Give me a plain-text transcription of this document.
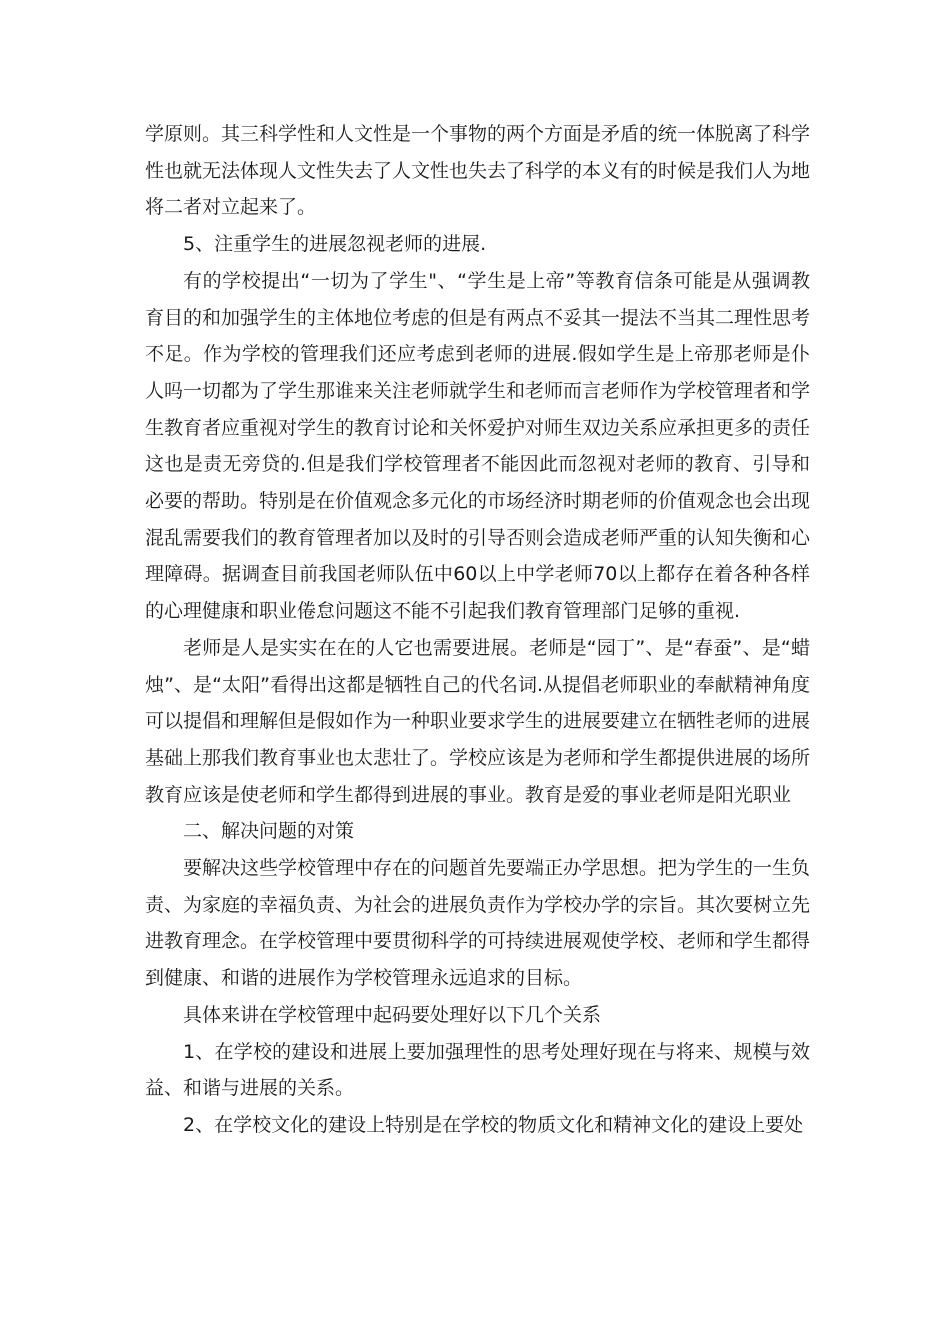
学原则。其三科学性和人文性是一个事物的两个方面是矛盾的统一体脱离了科学性也就无法体现人文性失去了人文性也失去了科学的本义有的时候是我们人为地将二者对立起来了。

5、注重学生的进展忽视老师的进展.

有的学校提出“一切为了学生"、“学生是上帝”等教育信条可能是从强调教育目的和加强学生的主体地位考虑的但是有两点不妥其一提法不当其二理性思考不足。作为学校的管理我们还应考虑到老师的进展.假如学生是上帝那老师是仆人吗一切都为了学生那谁来关注老师就学生和老师而言老师作为学校管理者和学生教育者应重视对学生的教育讨论和关怀爱护对师生双边关系应承担更多的责任这也是责无旁贷的.但是我们学校管理者不能因此而忽视对老师的教育、引导和必要的帮助。特别是在价值观念多元化的市场经济时期老师的价值观念也会出现混乱需要我们的教育管理者加以及时的引导否则会造成老师严重的认知失衡和心理障碍。据调查目前我国老师队伍中60以上中学老师70以上都存在着各种各样的心理健康和职业倦怠问题这不能不引起我们教育管理部门足够的重视.

老师是人是实实在在的人它也需要进展。老师是“园丁”、是“春蚕”、是“蜡烛”、是“太阳”看得出这都是牺牲自己的代名词.从提倡老师职业的奉献精神角度可以提倡和理解但是假如作为一种职业要求学生的进展要建立在牺牲老师的进展基础上那我们教育事业也太悲壮了。学校应该是为老师和学生都提供进展的场所教育应该是使老师和学生都得到进展的事业。教育是爱的事业老师是阳光职业

二、解决问题的对策

要解决这些学校管理中存在的问题首先要端正办学思想。把为学生的一生负责、为家庭的幸福负责、为社会的进展负责作为学校办学的宗旨。其次要树立先进教育理念。在学校管理中要贯彻科学的可持续进展观使学校、老师和学生都得到健康、和谐的进展作为学校管理永远追求的目标。

具体来讲在学校管理中起码要处理好以下几个关系

1、在学校的建设和进展上要加强理性的思考处理好现在与将来、规模与效益、和谐与进展的关系。

2、在学校文化的建设上特别是在学校的物质文化和精神文化的建设上要处
